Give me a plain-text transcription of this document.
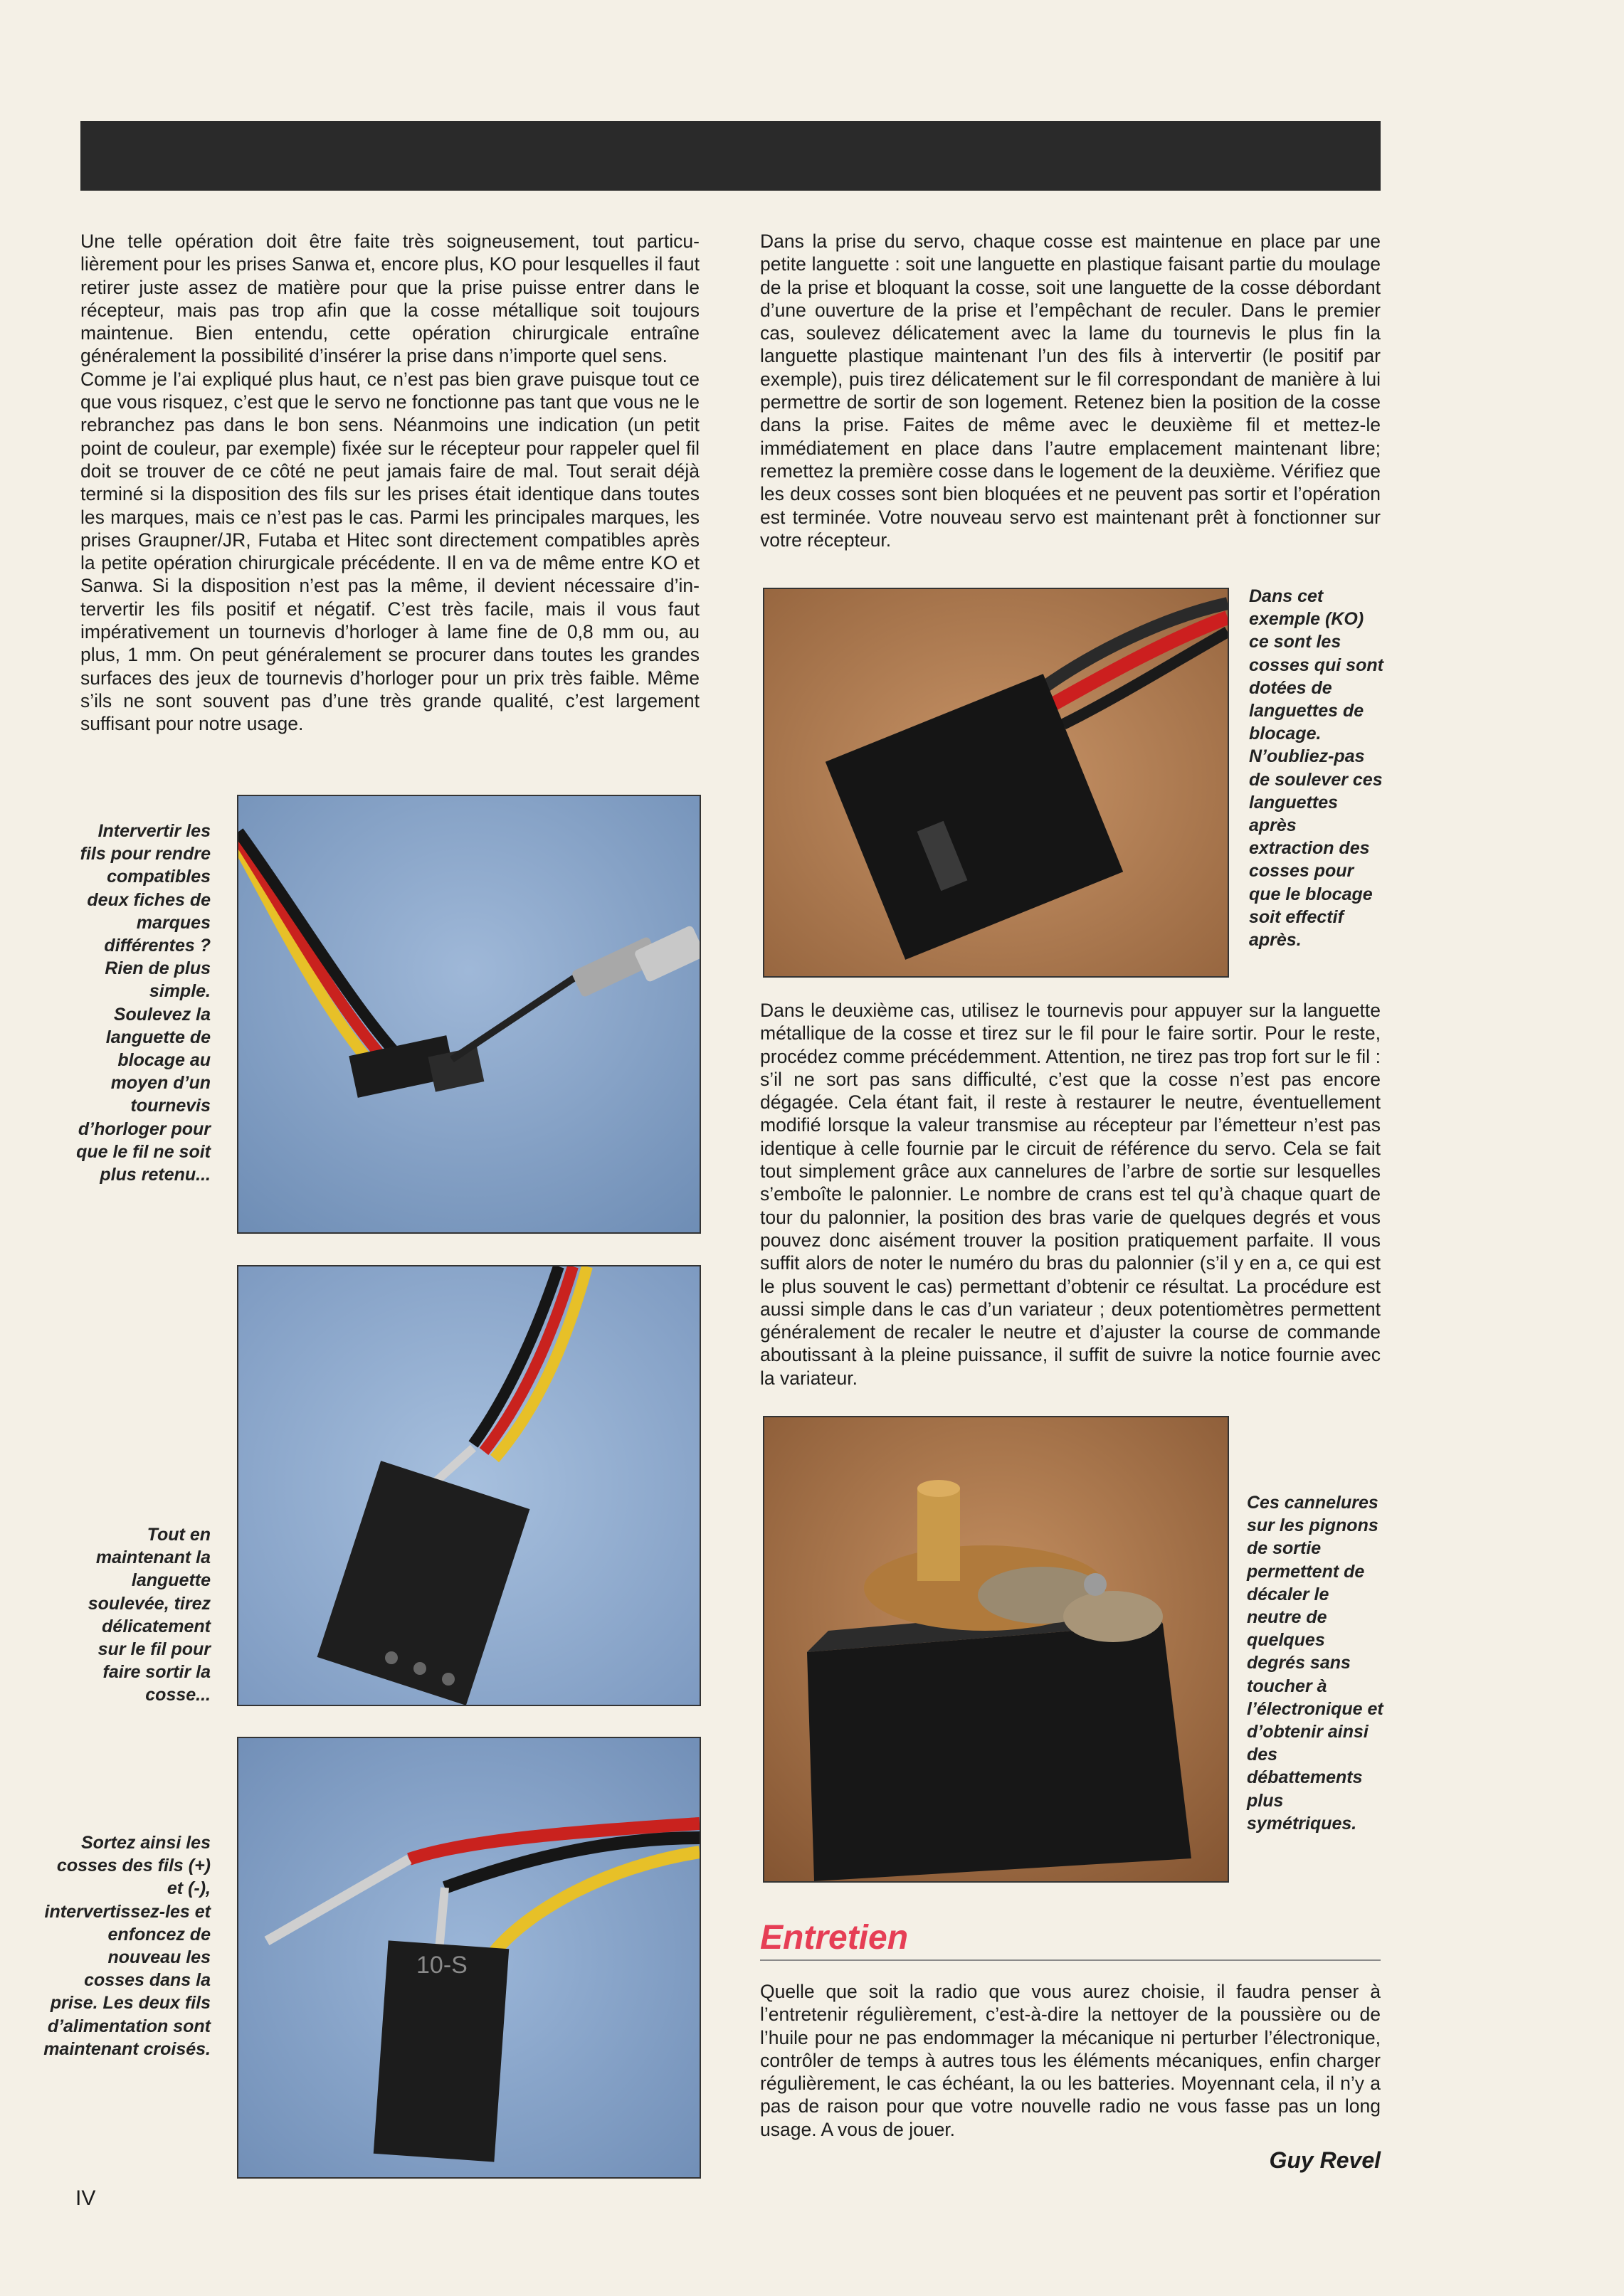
Une telle opération doit être faite très soigneusement, tout particulièrement pour les prises Sanwa et, encore plus, KO pour lesquelles il faut retirer juste assez de matière pour que la prise puisse entrer dans le récepteur, mais pas trop afin que la cosse métallique soit toujours maintenue. Bien entendu, cette opération chirurgicale entraîne généralement la possibilité d’insérer la prise dans n’importe quel sens.

Comme je l’ai expliqué plus haut, ce n’est pas bien grave puisque tout ce que vous risquez, c’est que le servo ne fonctionne pas tant que vous ne le rebranchez pas dans le bon sens. Néanmoins une indication (un petit point de couleur, par exemple) fixée sur le récepteur pour rappeler quel fil doit se trouver de ce côté ne peut jamais faire de mal. Tout serait déjà terminé si la disposition des fils sur les prises était identique dans toutes les marques, mais ce n’est pas le cas. Parmi les principales marques, les prises Graupner/JR, Futaba et Hitec sont directement compatibles après la petite opération chirurgicale précédente. Il en va de même entre KO et Sanwa. Si la disposition n’est pas la même, il devient nécessaire d’intervertir les fils positif et négatif. C’est très facile, mais il vous faut impérativement un tournevis d’horloger à lame fine de 0,8 mm ou, au plus, 1 mm. On peut généralement se procurer dans toutes les grandes surfaces des jeux de tournevis d’horloger pour un prix très faible. Même s’ils ne sont souvent pas d’une très grande qualité, c’est largement suffisant pour notre usage.

Dans la prise du servo, chaque cosse est maintenue en place par une petite languette : soit une languette en plastique faisant partie du moulage de la prise et bloquant la cosse, soit une languette de la cosse débordant d’une ouverture de la prise et l’empêchant de reculer. Dans le premier cas, soulevez délicatement avec la lame du tournevis le plus fin la languette plastique maintenant l’un des fils à intervertir (le positif par exemple), puis tirez délicatement sur le fil correspondant de manière à lui permettre de sortir de son logement. Retenez bien la position de la cosse dans la prise. Faites de même avec le deuxième fil et mettez-le immédiatement en place dans l’autre emplacement maintenant libre; remettez la première cosse dans le logement de la deuxième. Vérifiez que les deux cosses sont bien bloquées et ne peuvent pas sortir et l’opération est terminée. Votre nouveau servo est maintenant prêt à fonctionner sur votre récepteur.

Intervertir les fils pour rendre compatibles deux fiches de marques différentes ? Rien de plus simple. Soulevez la languette de blocage au moyen d’un tournevis d’horloger pour que le fil ne soit plus retenu...
Tout en maintenant la languette soulevée, tirez délicatement sur le fil pour faire sortir la cosse...
Sortez ainsi les cosses des fils (+) et (-), intervertissez-les et enfoncez de nouveau les cosses dans la prise. Les deux fils d’alimentation sont maintenant croisés.
10-S
Dans cet exemple (KO) ce sont les cosses qui sont dotées de languettes de blocage. N’oubliez-pas de soulever ces languettes après extraction des cosses pour que le blocage soit effectif après.

Dans le deuxième cas, utilisez le tournevis pour appuyer sur la languette métallique de la cosse et tirez sur le fil pour le faire sortir. Pour le reste, procédez comme précédemment. Attention, ne tirez pas trop fort sur le fil : s’il ne sort pas sans difficulté, c’est que la cosse n’est pas encore dégagée. Cela étant fait, il reste à restaurer le neutre, éventuellement modifié lorsque la valeur transmise au récepteur par l’émetteur n’est pas identique à celle fournie par le circuit de référence du servo. Cela se fait tout simplement grâce aux cannelures de l’arbre de sortie sur lesquelles s’emboîte le palonnier. Le nombre de crans est tel qu’à chaque quart de tour du palonnier, la position des bras varie de quelques degrés et vous pouvez donc aisément trouver la position pratiquement parfaite. Il vous suffit alors de noter le numéro du bras du palonnier (s’il y en a, ce qui est le plus souvent le cas) permettant d’obtenir ce résultat. La procédure est aussi simple dans le cas d’un variateur ; deux potentiomètres permettent généralement de recaler le neutre et d’ajuster la course de commande aboutissant à la pleine puissance, il suffit de suivre la notice fournie avec la variateur.

Ces cannelures sur les pignons de sortie permettent de décaler le neutre de quelques degrés sans toucher à l’électronique et d’obtenir ainsi des débattements plus symétriques.
Entretien

Quelle que soit la radio que vous aurez choisie, il faudra penser à l’entretenir régulièrement, c’est-à-dire la nettoyer de la poussière ou de l’huile pour ne pas endommager la mécanique ni perturber l’électronique, contrôler de temps à autres tous les éléments mécaniques, enfin charger régulièrement, le cas échéant, la ou les batteries. Moyennant cela, il n’y a pas de raison pour que votre nouvelle radio ne vous fasse pas un long usage. A vous de jouer.

Guy Revel
IV
